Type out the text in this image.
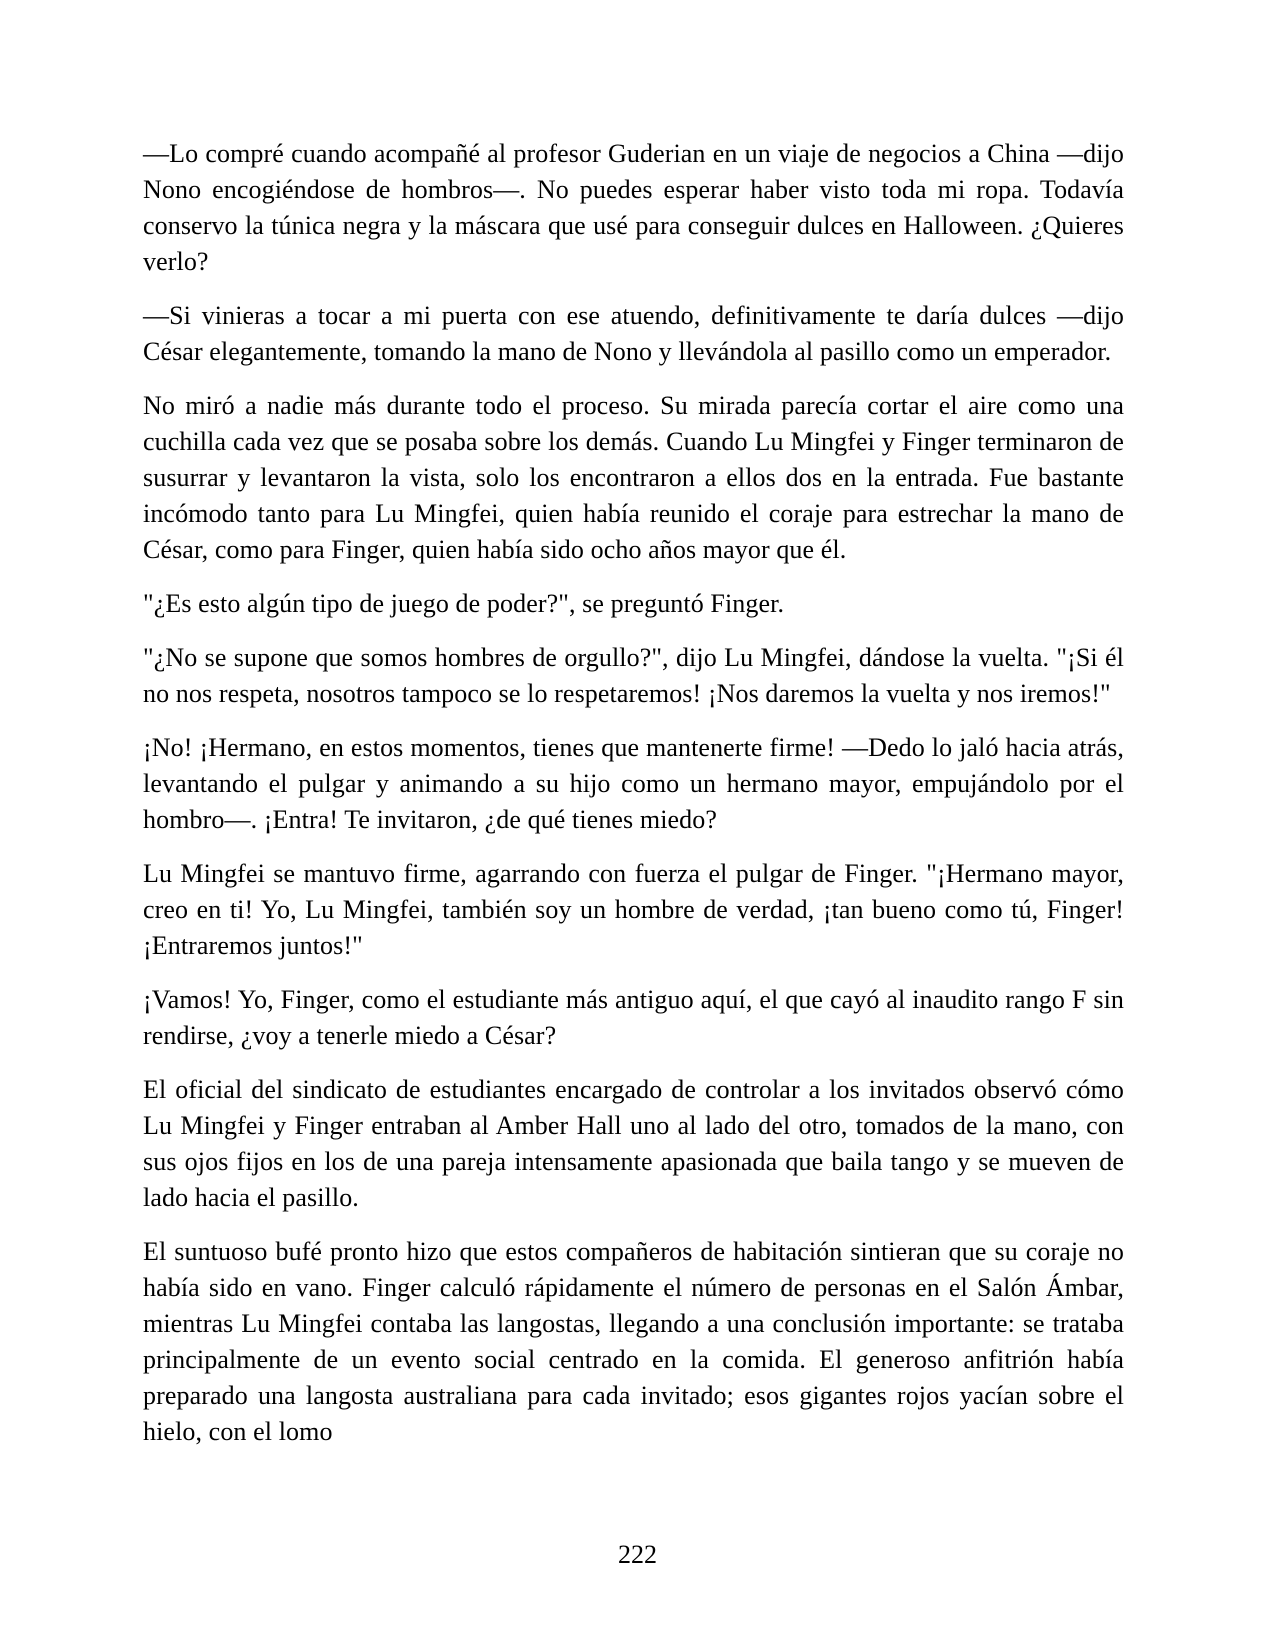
—Lo compré cuando acompañé al profesor Guderian en un viaje de negocios a China —dijo Nono encogiéndose de hombros—. No puedes esperar haber visto toda mi ropa. Todavía conservo la túnica negra y la máscara que usé para conseguir dulces en Halloween. ¿Quieres verlo?

—Si vinieras a tocar a mi puerta con ese atuendo, definitivamente te daría dulces —dijo César elegantemente, tomando la mano de Nono y llevándola al pasillo como un emperador.

No miró a nadie más durante todo el proceso. Su mirada parecía cortar el aire como una cuchilla cada vez que se posaba sobre los demás. Cuando Lu Mingfei y Finger terminaron de susurrar y levantaron la vista, solo los encontraron a ellos dos en la entrada. Fue bastante incómodo tanto para Lu Mingfei, quien había reunido el coraje para estrechar la mano de César, como para Finger, quien había sido ocho años mayor que él.

"¿Es esto algún tipo de juego de poder?", se preguntó Finger.

"¿No se supone que somos hombres de orgullo?", dijo Lu Mingfei, dándose la vuelta. "¡Si él no nos respeta, nosotros tampoco se lo respetaremos! ¡Nos daremos la vuelta y nos iremos!"

¡No! ¡Hermano, en estos momentos, tienes que mantenerte firme! —Dedo lo jaló hacia atrás, levantando el pulgar y animando a su hijo como un hermano mayor, empujándolo por el hombro—. ¡Entra! Te invitaron, ¿de qué tienes miedo?

Lu Mingfei se mantuvo firme, agarrando con fuerza el pulgar de Finger. "¡Hermano mayor, creo en ti! Yo, Lu Mingfei, también soy un hombre de verdad, ¡tan bueno como tú, Finger! ¡Entraremos juntos!"

¡Vamos! Yo, Finger, como el estudiante más antiguo aquí, el que cayó al inaudito rango F sin rendirse, ¿voy a tenerle miedo a César?

El oficial del sindicato de estudiantes encargado de controlar a los invitados observó cómo Lu Mingfei y Finger entraban al Amber Hall uno al lado del otro, tomados de la mano, con sus ojos fijos en los de una pareja intensamente apasionada que baila tango y se mueven de lado hacia el pasillo.

El suntuoso bufé pronto hizo que estos compañeros de habitación sintieran que su coraje no había sido en vano. Finger calculó rápidamente el número de personas en el Salón Ámbar, mientras Lu Mingfei contaba las langostas, llegando a una conclusión importante: se trataba principalmente de un evento social centrado en la comida. El generoso anfitrión había preparado una langosta australiana para cada invitado; esos gigantes rojos yacían sobre el hielo, con el lomo

222
